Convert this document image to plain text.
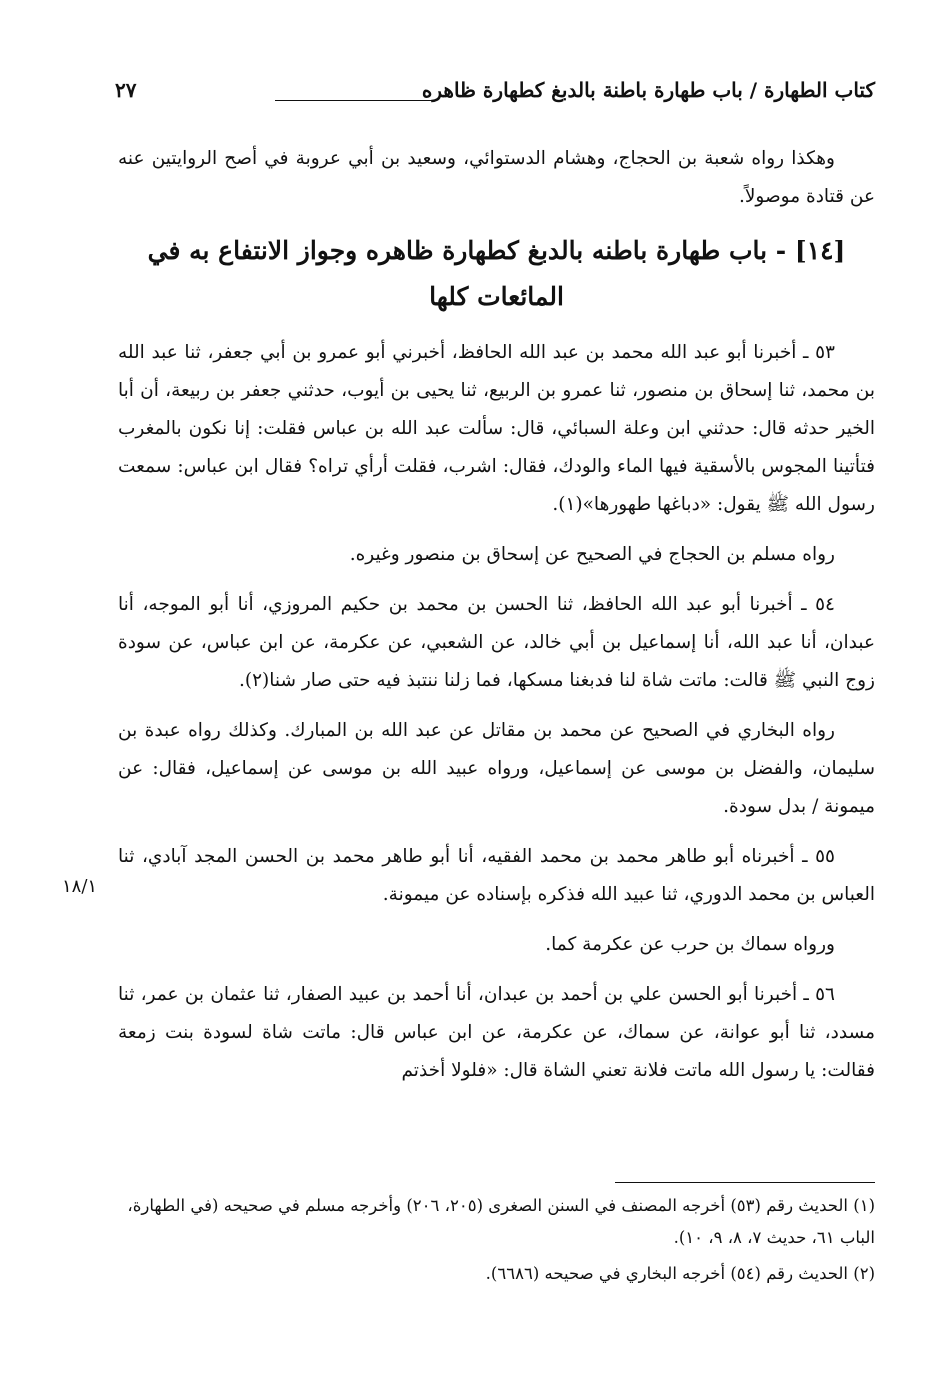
كتاب الطهارة / باب طهارة باطنة بالدبغ كطهارة ظاهره
٢٧

وهكذا رواه شعبة بن الحجاج، وهشام الدستوائي، وسعيد بن أبي عروبة في أصح الروايتين عنه عن قتادة موصولاً.

[١٤] - باب طهارة باطنه بالدبغ كطهارة ظاهره وجواز الانتفاع به في المائعات كلها

٥٣ ـ أخبرنا أبو عبد الله محمد بن عبد الله الحافظ، أخبرني أبو عمرو بن أبي جعفر، ثنا عبد الله بن محمد، ثنا إسحاق بن منصور، ثنا عمرو بن الربيع، ثنا يحيى بن أيوب، حدثني جعفر بن ربيعة، أن أبا الخير حدثه قال: حدثني ابن وعلة السبائي، قال: سألت عبد الله بن عباس فقلت: إنا نكون بالمغرب فتأتينا المجوس بالأسقية فيها الماء والودك، فقال: اشرب، فقلت أرأي تراه؟ فقال ابن عباس: سمعت رسول الله ﷺ يقول: «دباغها طهورها»(١).

رواه مسلم بن الحجاج في الصحيح عن إسحاق بن منصور وغيره.

٥٤ ـ أخبرنا أبو عبد الله الحافظ، ثنا الحسن بن محمد بن حكيم المروزي، أنا أبو الموجه، أنا عبدان، أنا عبد الله، أنا إسماعيل بن أبي خالد، عن الشعبي، عن عكرمة، عن ابن عباس، عن سودة زوج النبي ﷺ قالت: ماتت شاة لنا فدبغنا مسكها، فما زلنا ننتبذ فيه حتى صار شنا(٢).

رواه البخاري في الصحيح عن محمد بن مقاتل عن عبد الله بن المبارك. وكذلك رواه عبدة بن سليمان، والفضل بن موسى عن إسماعيل، ورواه عبيد الله بن موسى عن إسماعيل، فقال: عن ميمونة / بدل سودة.

٥٥ ـ أخبرناه أبو طاهر محمد بن محمد الفقيه، أنا أبو طاهر محمد بن الحسن المجد آبادي، ثنا العباس بن محمد الدوري، ثنا عبيد الله فذكره بإسناده عن ميمونة.

ورواه سماك بن حرب عن عكرمة كما.

٥٦ ـ أخبرنا أبو الحسن علي بن أحمد بن عبدان، أنا أحمد بن عبيد الصفار، ثنا عثمان بن عمر، ثنا مسدد، ثنا أبو عوانة، عن سماك، عن عكرمة، عن ابن عباس قال: ماتت شاة لسودة بنت زمعة فقالت: يا رسول الله ماتت فلانة تعني الشاة قال: «فلولا أخذتم

١٨/١

(١) الحديث رقم (٥٣) أخرجه المصنف في السنن الصغرى (٢٠٥، ٢٠٦) وأخرجه مسلم في صحيحه (في الطهارة، الباب ٦١، حديث ٧، ٨، ٩، ١٠).

(٢) الحديث رقم (٥٤) أخرجه البخاري في صحيحه (٦٦٨٦).
